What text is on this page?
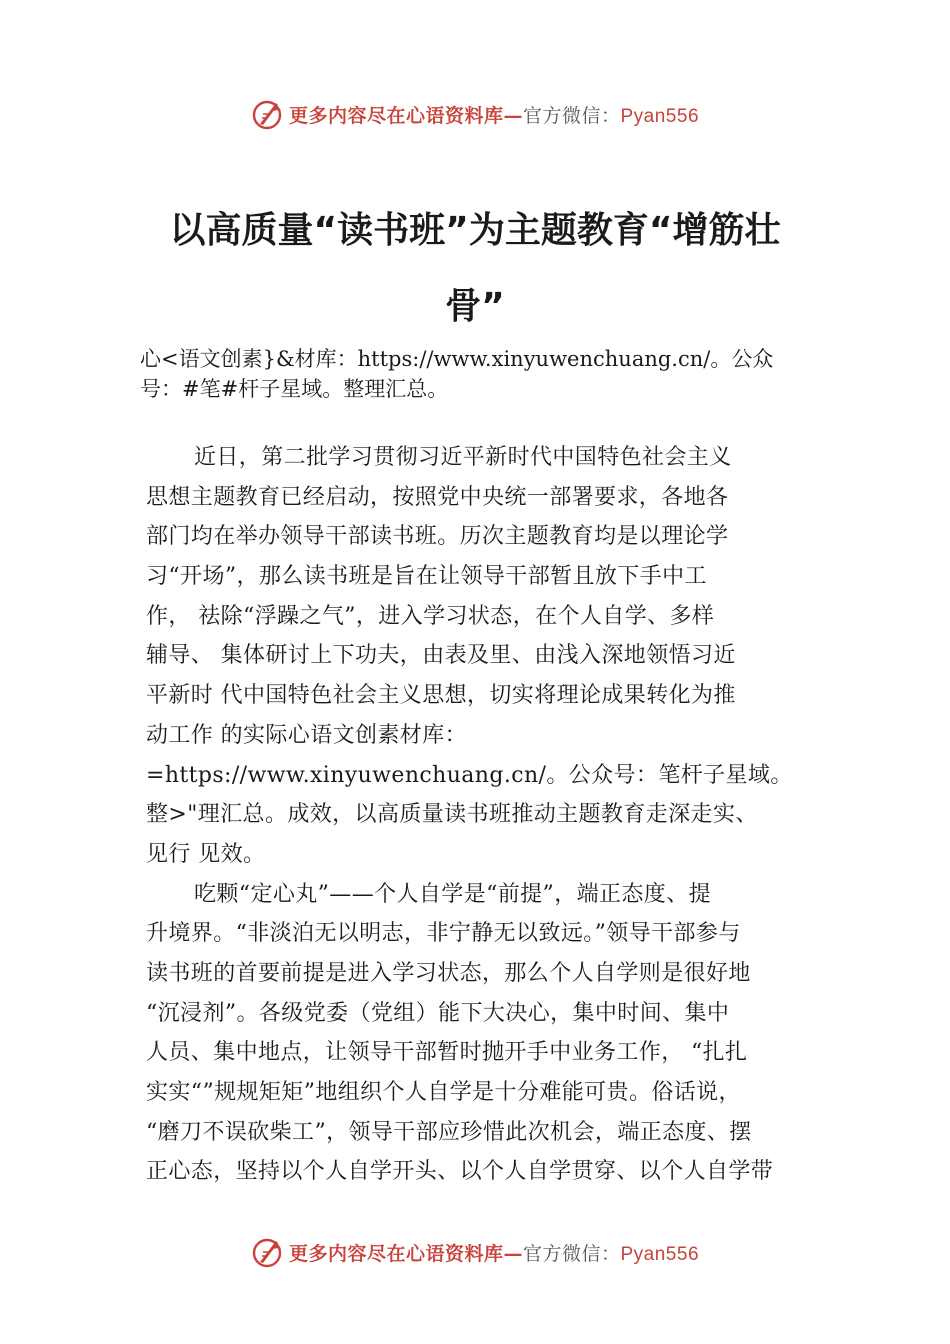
更多内容尽在心语资料库—官方微信：Pyan556
以高质量“读书班”为主题教育“增筋壮
骨”

心<语文创素}&材库：https://www.xinyuwenchuang.cn/。公众
号：#笔#杆子星域。整理汇总。

近日，第二批学习贯彻习近平新时代中国特色社会主义
思想主题教育已经启动，按照党中央统一部署要求，各地各
部门均在举办领导干部读书班。历次主题教育均是以理论学
习“开场”，那么读书班是旨在让领导干部暂且放下手中工
作， 祛除“浮躁之气”，进入学习状态，在个人自学、多样
辅导、 集体研讨上下功夫，由表及里、由浅入深地领悟习近
平新时 代中国特色社会主义思想，切实将理论成果转化为推
动工作 的实际心语文创素材库：
=https://www.xinyuwenchuang.cn/。公众号：笔杆子星域。
整>"理汇总。成效，以高质量读书班推动主题教育走深走实、
见行 见效。
吃颗“定心丸”——个人自学是“前提”，端正态度、提
升境界。“非淡泊无以明志，非宁静无以致远。”领导干部参与
读书班的首要前提是进入学习状态，那么个人自学则是很好地
“沉浸剂”。各级党委（党组）能下大决心，集中时间、集中
人员、集中地点，让领导干部暂时抛开手中业务工作， “扎扎
实实“”规规矩矩”地组织个人自学是十分难能可贵。俗话说，
“磨刀不误砍柴工”，领导干部应珍惜此次机会，端正态度、摆
正心态，坚持以个人自学开头、以个人自学贯穿、以个人自学带
更多内容尽在心语资料库—官方微信：Pyan556
